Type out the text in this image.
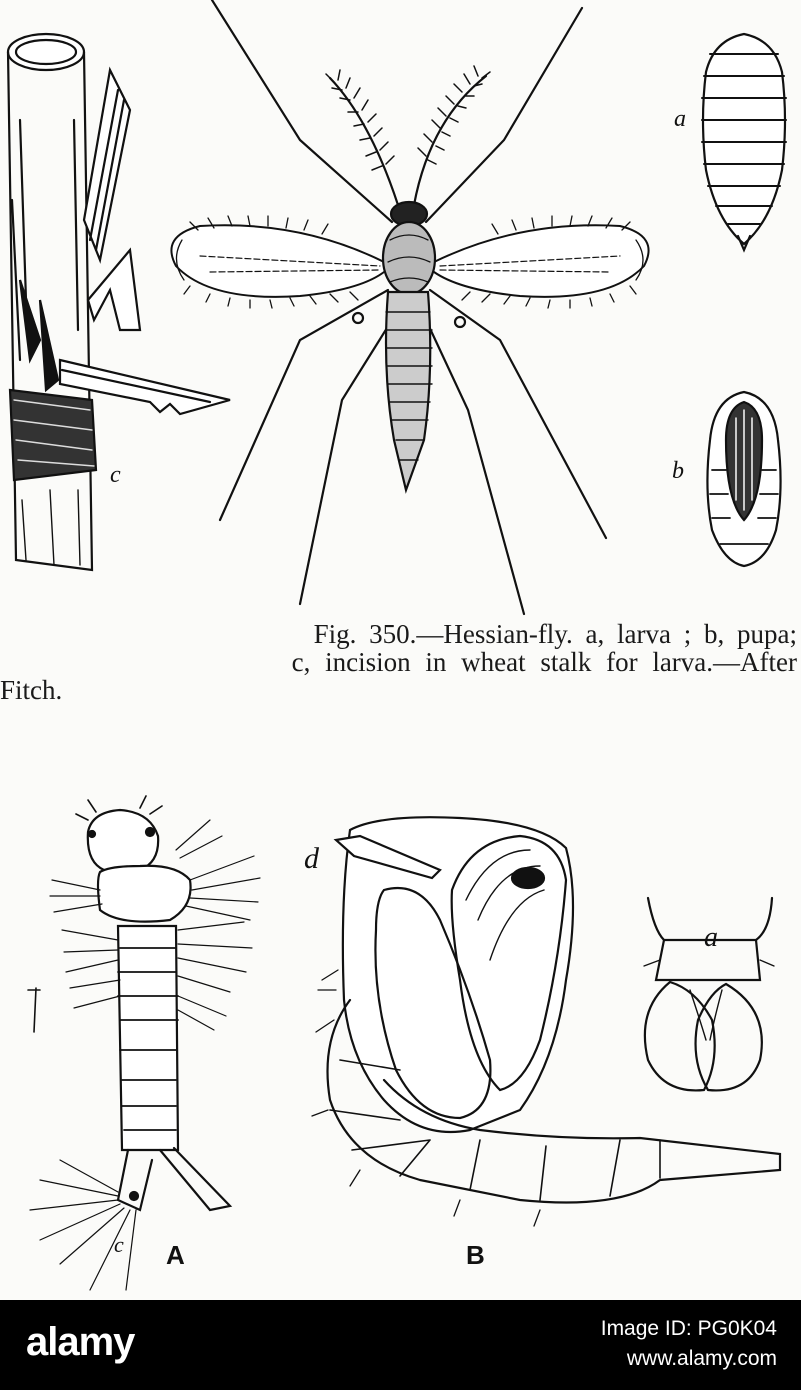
a
b
c
d
a
c A	B
Fig. 350.—Hessian-fly. a, larva ; b, pupa;
c, incision in wheat stalk for larva.—After
Fitch.
alamy	Image ID: PG0K04
www.alamy.com
